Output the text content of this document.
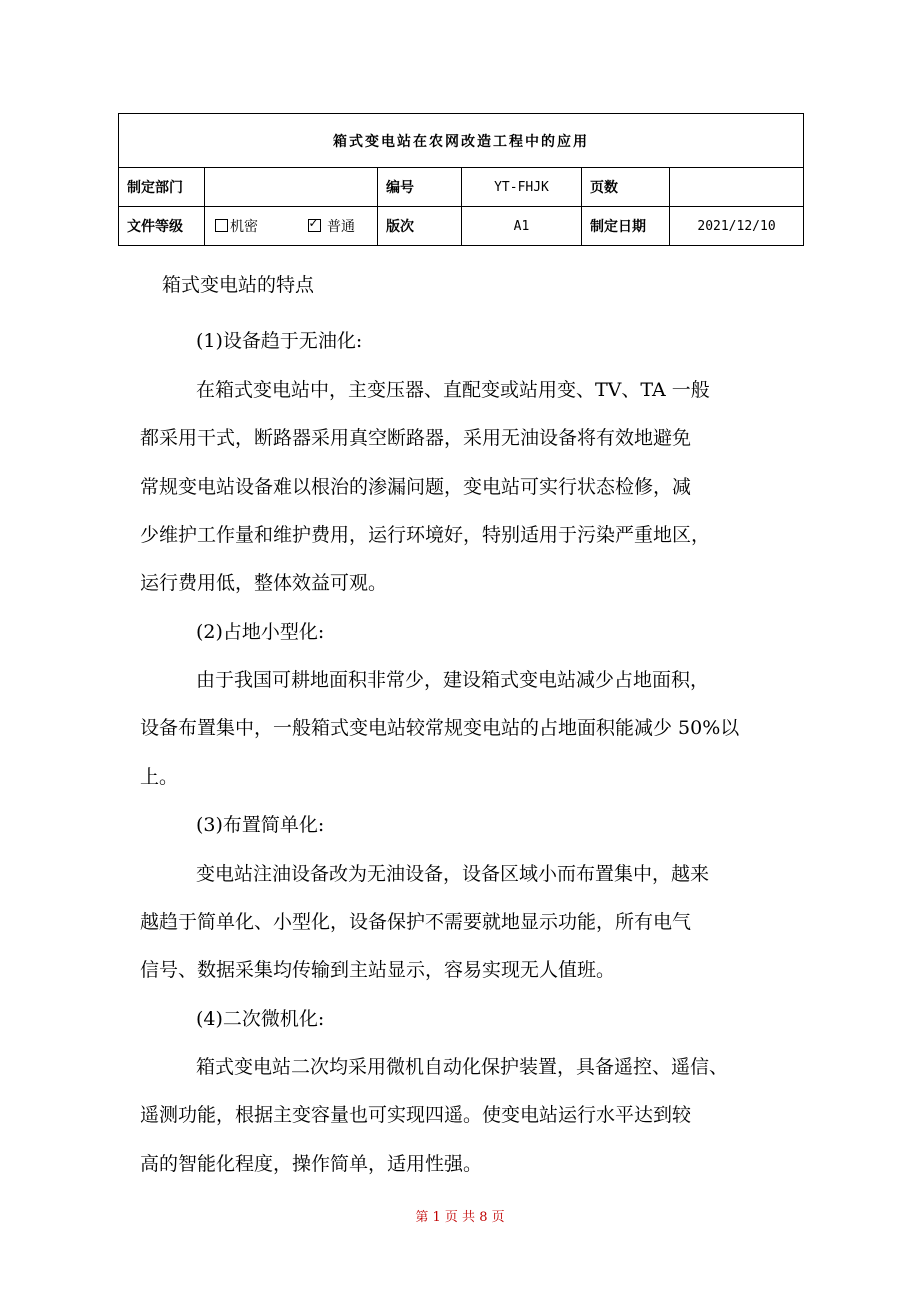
箱式变电站在农网改造工程中的应用					
制定部门		编号	YT-FHJK	页数	
文件等级	机密 ✓ 普通	版次	A1	制定日期	2021/12/10
箱式变电站的特点
(1)设备趋于无油化:
在箱式变电站中，主变压器、直配变或站用变、TV、TA 一般
都采用干式，断路器采用真空断路器，采用无油设备将有效地避免
常规变电站设备难以根治的渗漏问题，变电站可实行状态检修，减
少维护工作量和维护费用，运行环境好，特别适用于污染严重地区，
运行费用低，整体效益可观。
(2)占地小型化:
由于我国可耕地面积非常少，建设箱式变电站减少占地面积，
设备布置集中，一般箱式变电站较常规变电站的占地面积能减少 50%以
上。
(3)布置简单化:
变电站注油设备改为无油设备，设备区域小而布置集中，越来
越趋于简单化、小型化，设备保护不需要就地显示功能，所有电气
信号、数据采集均传输到主站显示，容易实现无人值班。
(4)二次微机化:
箱式变电站二次均采用微机自动化保护装置，具备遥控、遥信、
遥测功能，根据主变容量也可实现四遥。使变电站运行水平达到较
高的智能化程度，操作简单，适用性强。
第 1 页 共 8 页
